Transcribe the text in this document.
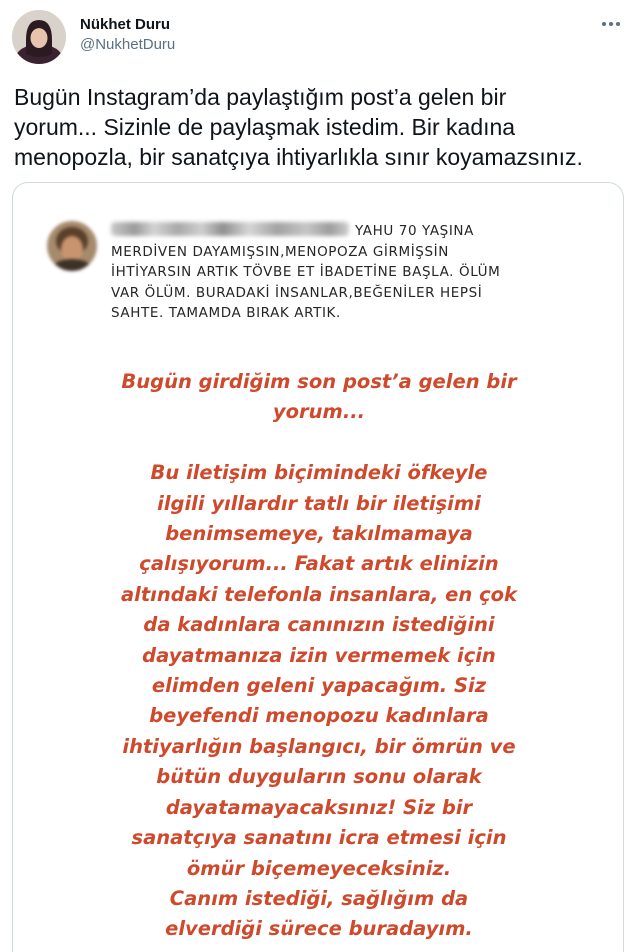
Nükhet Duru
@NukhetDuru

Bugün Instagram’da paylaştığım post’a gelen bir
yorum... Sizinle de paylaşmak istedim. Bir kadına
menopozla, bir sanatçıya ihtiyarlıkla sınır koyamazsınız.

YAHU 70 YAŞINA
MERDİVEN DAYAMIŞSIN,MENOPOZA GİRMİŞSİN
İHTİYARSIN ARTIK TÖVBE ET İBADETİNE BAŞLA. ÖLÜM
VAR ÖLÜM. BURADAKİ İNSANLAR,BEĞENİLER HEPSİ
SAHTE. TAMAMDA BIRAK ARTIK.

Bugün girdiğim son post’a gelen bir
yorum...

Bu iletişim biçimindeki öfkeyle
ilgili yıllardır tatlı bir iletişimi
benimsemeye, takılmamaya
çalışıyorum... Fakat artık elinizin
altındaki telefonla insanlara, en çok
da kadınlara canınızın istediğini
dayatmanıza izin vermemek için
elimden geleni yapacağım. Siz
beyefendi menopozu kadınlara
ihtiyarlığın başlangıcı, bir ömrün ve
bütün duyguların sonu olarak
dayatamayacaksınız! Siz bir
sanatçıya sanatını icra etmesi için
ömür biçemeyeceksiniz.
Canım istediği, sağlığım da
elverdiği sürece buradayım.
